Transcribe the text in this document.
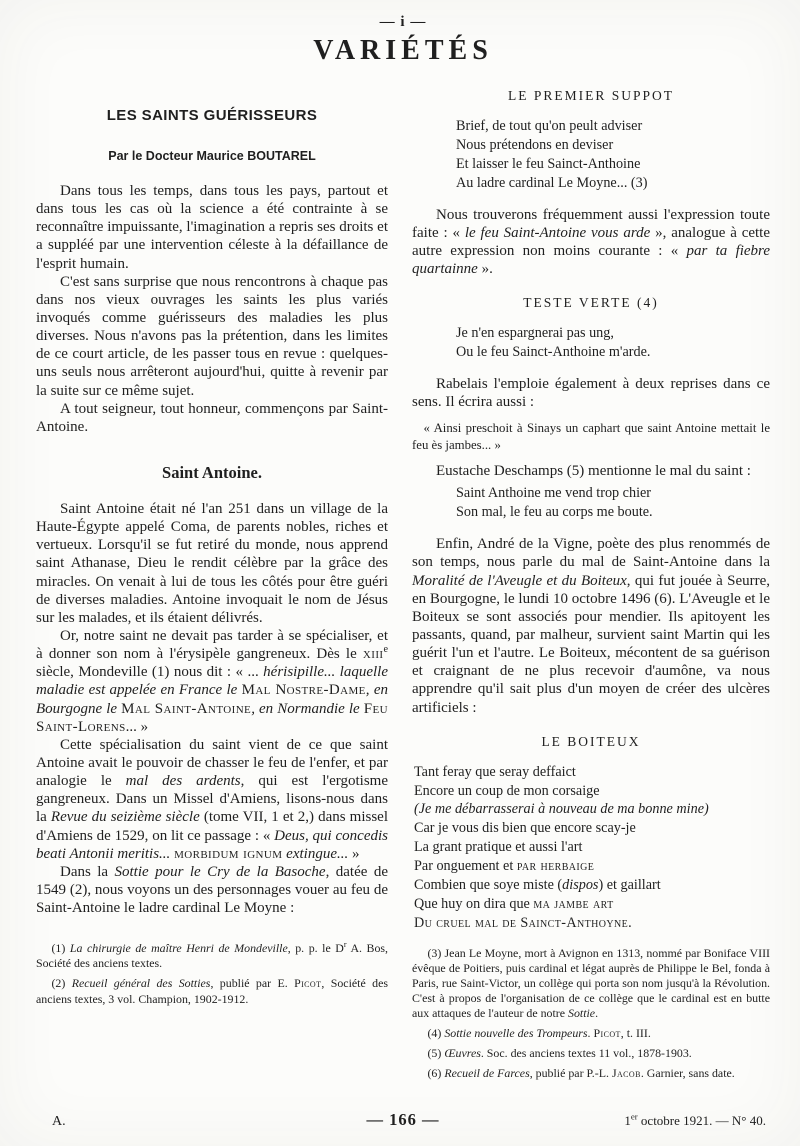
— i —
VARIÉTÉS
LES SAINTS GUÉRISSEURS
Par le Docteur Maurice BOUTAREL

Dans tous les temps, dans tous les pays, partout et dans tous les cas où la science a été contrainte à se reconnaître impuissante, l'imagination a repris ses droits et a suppléé par une intervention céleste à la défaillance de l'esprit humain.

C'est sans surprise que nous rencontrons à chaque pas dans nos vieux ouvrages les saints les plus variés invoqués comme guérisseurs des maladies les plus diverses. Nous n'avons pas la prétention, dans les limites de ce court article, de les passer tous en revue : quelques-uns seuls nous arrêteront aujourd'hui, quitte à revenir par la suite sur ce même sujet.

A tout seigneur, tout honneur, commençons par Saint-Antoine.

Saint Antoine.

Saint Antoine était né l'an 251 dans un village de la Haute-Égypte appelé Coma, de parents nobles, riches et vertueux. Lorsqu'il se fut retiré du monde, nous apprend saint Athanase, Dieu le rendit célèbre par la grâce des miracles. On venait à lui de tous les côtés pour être guéri de diverses maladies. Antoine invoquait le nom de Jésus sur les malades, et ils étaient délivrés.

Or, notre saint ne devait pas tarder à se spécialiser, et à donner son nom à l'érysipèle gangreneux. Dès le xiii$^e$ siècle, Mondeville (1) nous dit : « ... hérisipille... laquelle maladie est appelée en France le Mal Nostre-Dame, en Bourgogne le Mal Saint-Antoine, en Normandie le Feu Saint-Lorens... »

Cette spécialisation du saint vient de ce que saint Antoine avait le pouvoir de chasser le feu de l'enfer, et par analogie le mal des ardents, qui est l'ergotisme gangreneux. Dans un Missel d'Amiens, lisons-nous dans la Revue du seizième siècle (tome VII, 1 et 2,) dans missel d'Amiens de 1529, on lit ce passage : « Deus, qui concedis beati Antonii meritis... morbidum ignum extingue... »

Dans la Sottie pour le Cry de la Basoche, datée de 1549 (2), nous voyons un des personnages vouer au feu de Saint-Antoine le ladre cardinal Le Moyne :

(1) La chirurgie de maître Henri de Mondeville, p. p. le $D^r$ A. Bos, Société des anciens textes.

(2) Recueil général des Sotties, publié par E. Picot, Société des anciens textes, 3 vol. Champion, 1902-1912.

LE PREMIER SUPPOT
Brief, de tout qu'on peult adviser
Nous prétendons en deviser
Et laisser le feu Sainct-Anthoine
Au ladre cardinal Le Moyne... (3)

Nous trouverons fréquemment aussi l'expression toute faite : « le feu Saint-Antoine vous arde », analogue à cette autre expression non moins courante : « par ta fiebre quartainne ».

TESTE VERTE (4)
Je n'en espargnerai pas ung,
Ou le feu Sainct-Anthoine m'arde.

Rabelais l'emploie également à deux reprises dans ce sens. Il écrira aussi :

« Ainsi preschoit à Sinays un caphart que saint Antoine mettait le feu ès jambes... »

Eustache Deschamps (5) mentionne le mal du saint :

Saint Anthoine me vend trop chier
Son mal, le feu au corps me boute.

Enfin, André de la Vigne, poète des plus renommés de son temps, nous parle du mal de Saint-Antoine dans la Moralité de l'Aveugle et du Boiteux, qui fut jouée à Seurre, en Bourgogne, le lundi 10 octobre 1496 (6). L'Aveugle et le Boiteux se sont associés pour mendier. Ils apitoyent les passants, quand, par malheur, survient saint Martin qui les guérit l'un et l'autre. Le Boiteux, mécontent de sa guérison et craignant de ne plus recevoir d'aumône, va nous apprendre qu'il sait plus d'un moyen de créer des ulcères artificiels :

LE BOITEUX
Tant feray que seray deffaict
Encore un coup de mon corsaige
(Je me débarrasserai à nouveau de ma bonne mine)
Car je vous dis bien que encore scay-je
La grant pratique et aussi l'art
Par onguement et par herbaige
Combien que soye miste (dispos) et gaillart
Que huy on dira que ma jambe art
Du cruel mal de Sainct-Anthoyne.

(3) Jean Le Moyne, mort à Avignon en 1313, nommé par Boniface VIII évêque de Poitiers, puis cardinal et légat auprès de Philippe le Bel, fonda à Paris, rue Saint-Victor, un collège qui porta son nom jusqu'à la Révolution. C'est à propos de l'organisation de ce collège que le cardinal est en butte aux attaques de l'auteur de notre Sottie.

(4) Sottie nouvelle des Trompeurs. Picot, t. III.

(5) Œuvres. Soc. des anciens textes 11 vol., 1878-1903.

(6) Recueil de Farces, publié par P.-L. Jacob. Garnier, sans date.

A.	— 166 —	1er octobre 1921. — N° 40.
